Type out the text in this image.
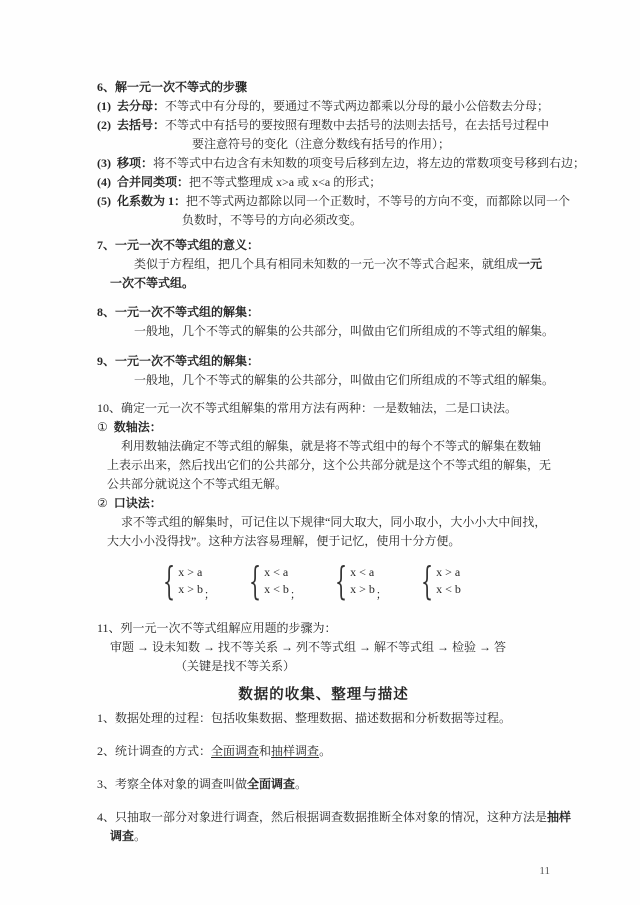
6、解一元一次不等式的步骤
(1) 去分母：不等式中有分母的，要通过不等式两边都乘以分母的最小公倍数去分母；
(2) 去括号：不等式中有括号的要按照有理数中去括号的法则去括号，在去括号过程中
要注意符号的变化（注意分数线有括号的作用）；
(3) 移项：将不等式中右边含有未知数的项变号后移到左边，将左边的常数项变号移到右边；
(4) 合并同类项：把不等式整理成 x>a 或 x<a 的形式；
(5) 化系数为 1：把不等式两边都除以同一个正数时，不等号的方向不变，而都除以同一个
负数时，不等号的方向必须改变。
7、一元一次不等式组的意义：
类似于方程组，把几个具有相同未知数的一元一次不等式合起来，就组成一元
一次不等式组。
8、一元一次不等式组的解集：
一般地，几个不等式的解集的公共部分，叫做由它们所组成的不等式组的解集。
9、一元一次不等式组的解集：
一般地，几个不等式的解集的公共部分，叫做由它们所组成的不等式组的解集。
10、确定一元一次不等式组解集的常用方法有两种：一是数轴法，二是口诀法。
① 数轴法：
利用数轴法确定不等式组的解集，就是将不等式组中的每个不等式的解集在数轴
上表示出来，然后找出它们的公共部分，这个公共部分就是这个不等式组的解集，无
公共部分就说这个不等式组无解。
② 口诀法：
求不等式组的解集时，可记住以下规律“同大取大，同小取小，大小小大中间找，
大大小小没得找”。这种方法容易理解，便于记忆，使用十分方便。
{ x > a
x > b ； { x < a
x < b ； { x < a
x > b ； { x > a
x < b
11、列一元一次不等式组解应用题的步骤为：
审题 → 设未知数 → 找不等关系 → 列不等式组 → 解不等式组 → 检验 → 答
（关键是找不等关系）
数据的收集、整理与描述
1、数据处理的过程：包括收集数据、整理数据、描述数据和分析数据等过程。
2、统计调查的方式：全面调查和抽样调查。
3、考察全体对象的调查叫做全面调查。
4、只抽取一部分对象进行调查，然后根据调查数据推断全体对象的情况，这种方法是抽样
调查。
11
